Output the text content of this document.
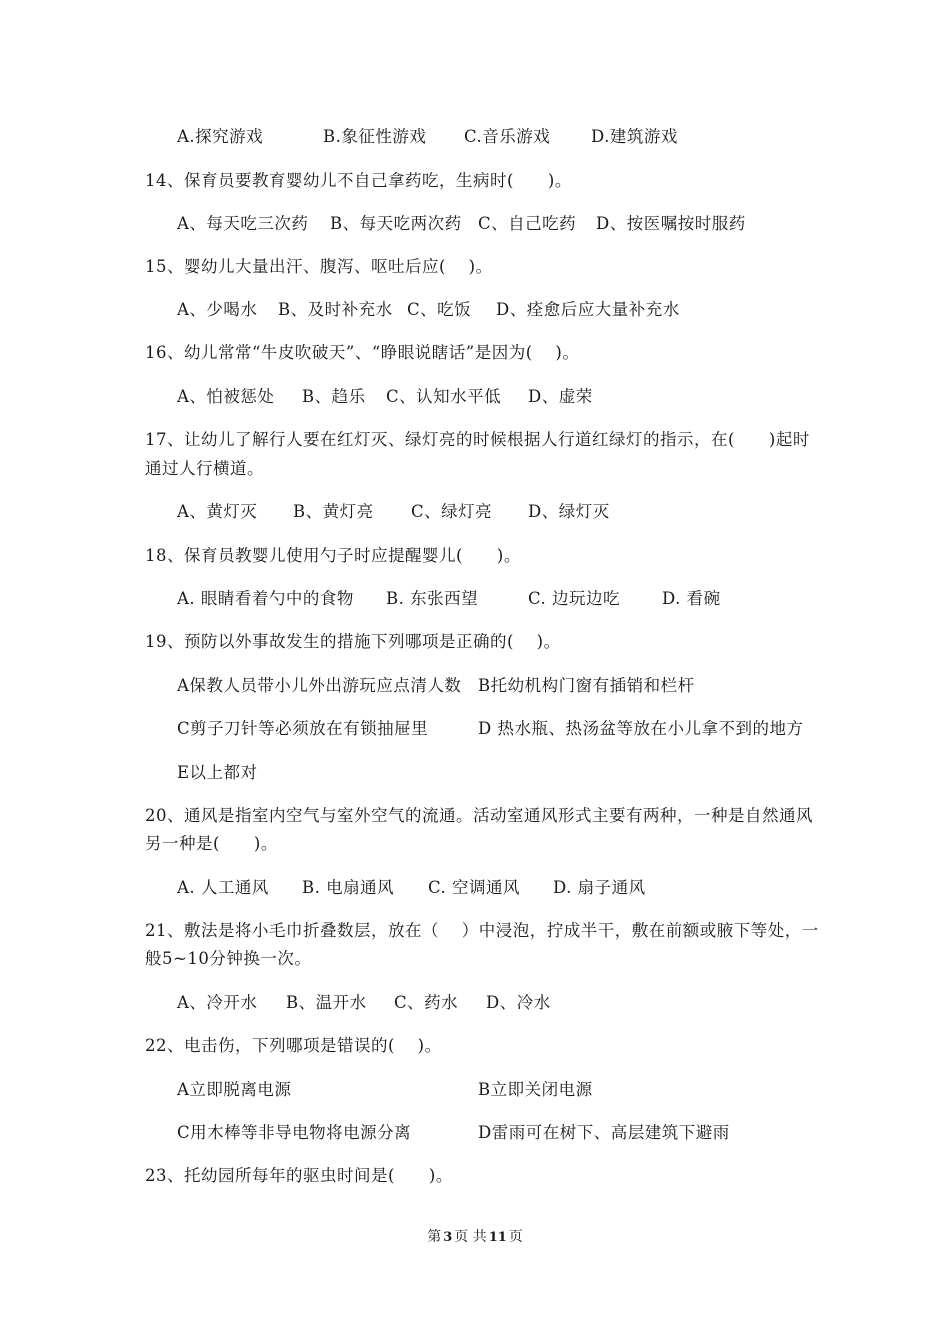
A.探究游戏	B.象征性游戏 C.音乐游戏 D.建筑游戏
14、保育员要教育婴幼儿不自己拿药吃，生病时(　　)。
A、每天吃三次药 B、每天吃两次药 C、自己吃药 D、按医嘱按时服药
15、婴幼儿大量出汗、腹泻、呕吐后应(　 )。
A、少喝水 B、及时补充水 C、吃饭 D、痊愈后应大量补充水
16、幼儿常常“牛皮吹破天”、“睁眼说瞎话”是因为(　 )。
A、怕被惩处 B、趋乐 C、认知水平低 D、虚荣
17、让幼儿了解行人要在红灯灭、绿灯亮的时候根据人行道红绿灯的指示，在(　　)起时
通过人行横道。
A、黄灯灭 B、黄灯亮 C、绿灯亮 D、绿灯灭
18、保育员教婴儿使用勺子时应提醒婴儿(　　)。
A. 眼睛看着勺中的食物 B. 东张西望	C. 边玩边吃	D. 看碗
19、预防以外事故发生的措施下列哪项是正确的(　 )。
A保教人员带小儿外出游玩应点清人数 B托幼机构门窗有插销和栏杆
C剪子刀针等必须放在有锁抽屉里	D 热水瓶、热汤盆等放在小儿拿不到的地方
E以上都对
20、通风是指室内空气与室外空气的流通。活动室通风形式主要有两种，一种是自然通风
另一种是(　　)。
A. 人工通风 B. 电扇通风 C. 空调通风 D. 扇子通风
21、敷法是将小毛巾折叠数层，放在（　 ）中浸泡，拧成半干，敷在前额或腋下等处，一
般5~10分钟换一次。
A、冷开水 B、温开水 C、药水 D、冷水
22、电击伤，下列哪项是错误的(　 )。
A立即脱离电源	B立即关闭电源
C用木棒等非导电物将电源分离	D雷雨可在树下、高层建筑下避雨
23、托幼园所每年的驱虫时间是(　　)。
第 3 页 共 11 页
